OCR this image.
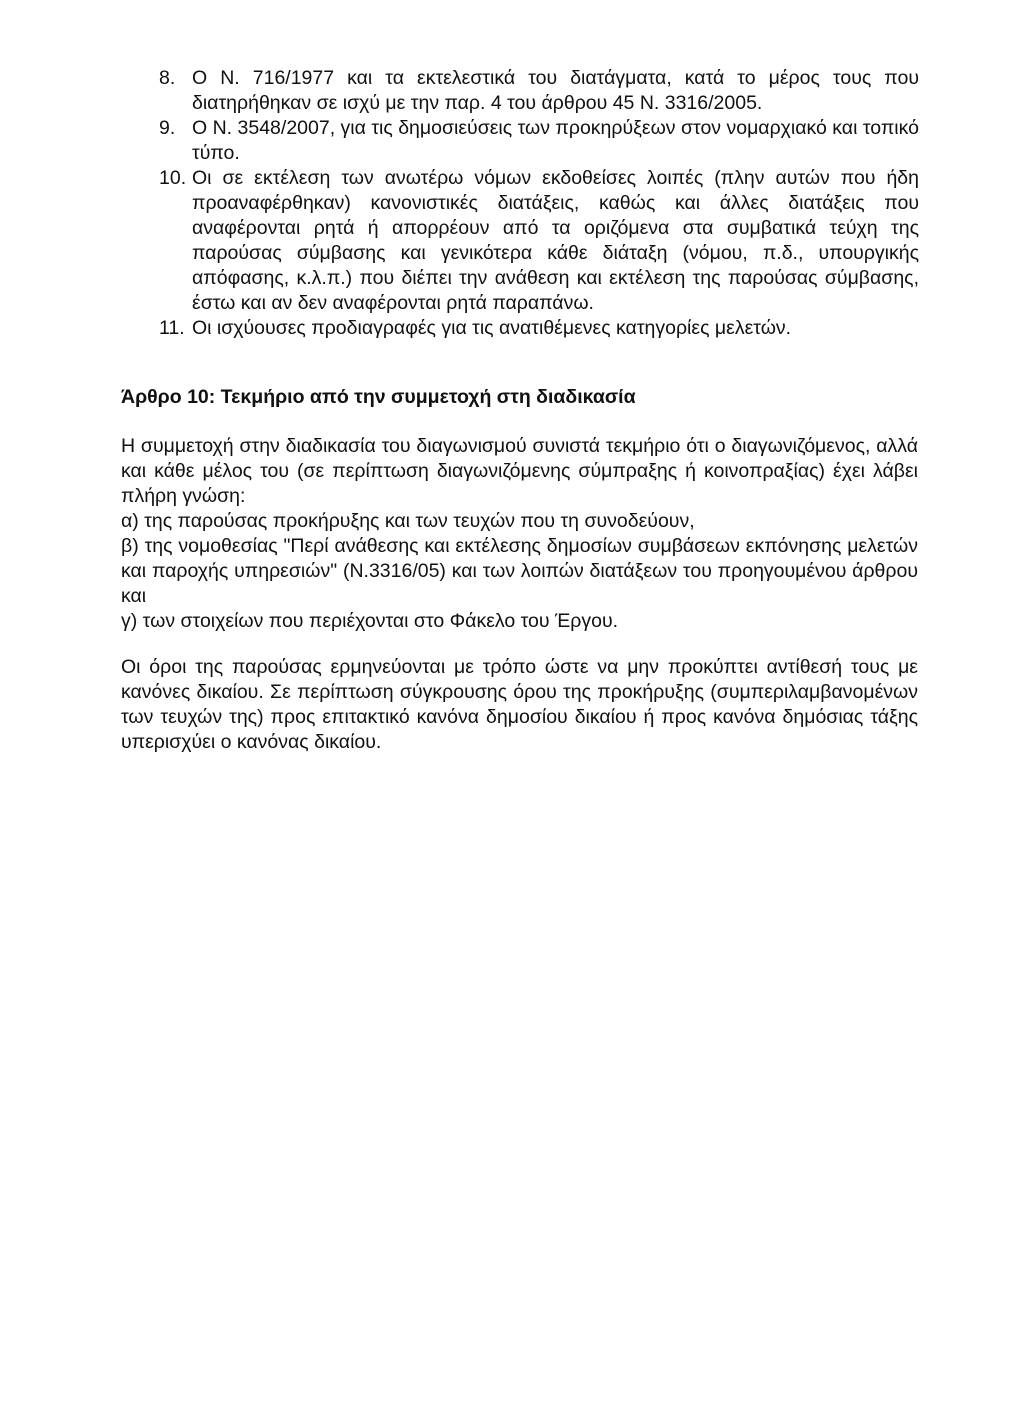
8. Ο Ν. 716/1977 και τα εκτελεστικά του διατάγματα, κατά το μέρος τους που διατηρήθηκαν σε ισχύ με την παρ. 4 του άρθρου 45 Ν. 3316/2005.
9. Ο Ν. 3548/2007, για τις δημοσιεύσεις των προκηρύξεων στον νομαρχιακό και τοπικό τύπο.
10. Οι σε εκτέλεση των ανωτέρω νόμων εκδοθείσες λοιπές (πλην αυτών που ήδη προαναφέρθηκαν) κανονιστικές διατάξεις, καθώς και άλλες διατάξεις που αναφέρονται ρητά ή απορρέουν από τα οριζόμενα στα συμβατικά τεύχη της παρούσας σύμβασης και γενικότερα κάθε διάταξη (νόμου, π.δ., υπουργικής απόφασης, κ.λ.π.) που διέπει την ανάθεση και εκτέλεση της παρούσας σύμβασης, έστω και αν δεν αναφέρονται ρητά παραπάνω.
11. Οι ισχύουσες προδιαγραφές για τις ανατιθέμενες κατηγορίες μελετών.
Άρθρο 10: Τεκμήριο από την συμμετοχή στη διαδικασία

Η συμμετοχή στην διαδικασία του διαγωνισμού συνιστά τεκμήριο ότι ο διαγωνιζόμενος, αλλά και κάθε μέλος του (σε περίπτωση διαγωνιζόμενης σύμπραξης ή κοινοπραξίας) έχει λάβει πλήρη γνώση:

α) της παρούσας προκήρυξης και των τευχών που τη συνοδεύουν,

β) της νομοθεσίας "Περί ανάθεσης και εκτέλεσης δημοσίων συμβάσεων εκπόνησης μελετών και παροχής υπηρεσιών" (Ν.3316/05) και των λοιπών διατάξεων του προηγουμένου άρθρου και

γ) των στοιχείων που περιέχονται στο Φάκελο του Έργου.

Οι όροι της παρούσας ερμηνεύονται με τρόπο ώστε να μην προκύπτει αντίθεσή τους με κανόνες δικαίου. Σε περίπτωση σύγκρουσης όρου της προκήρυξης (συμπεριλαμβανομένων των τευχών της) προς επιτακτικό κανόνα δημοσίου δικαίου ή προς κανόνα δημόσιας τάξης υπερισχύει ο κανόνας δικαίου.
